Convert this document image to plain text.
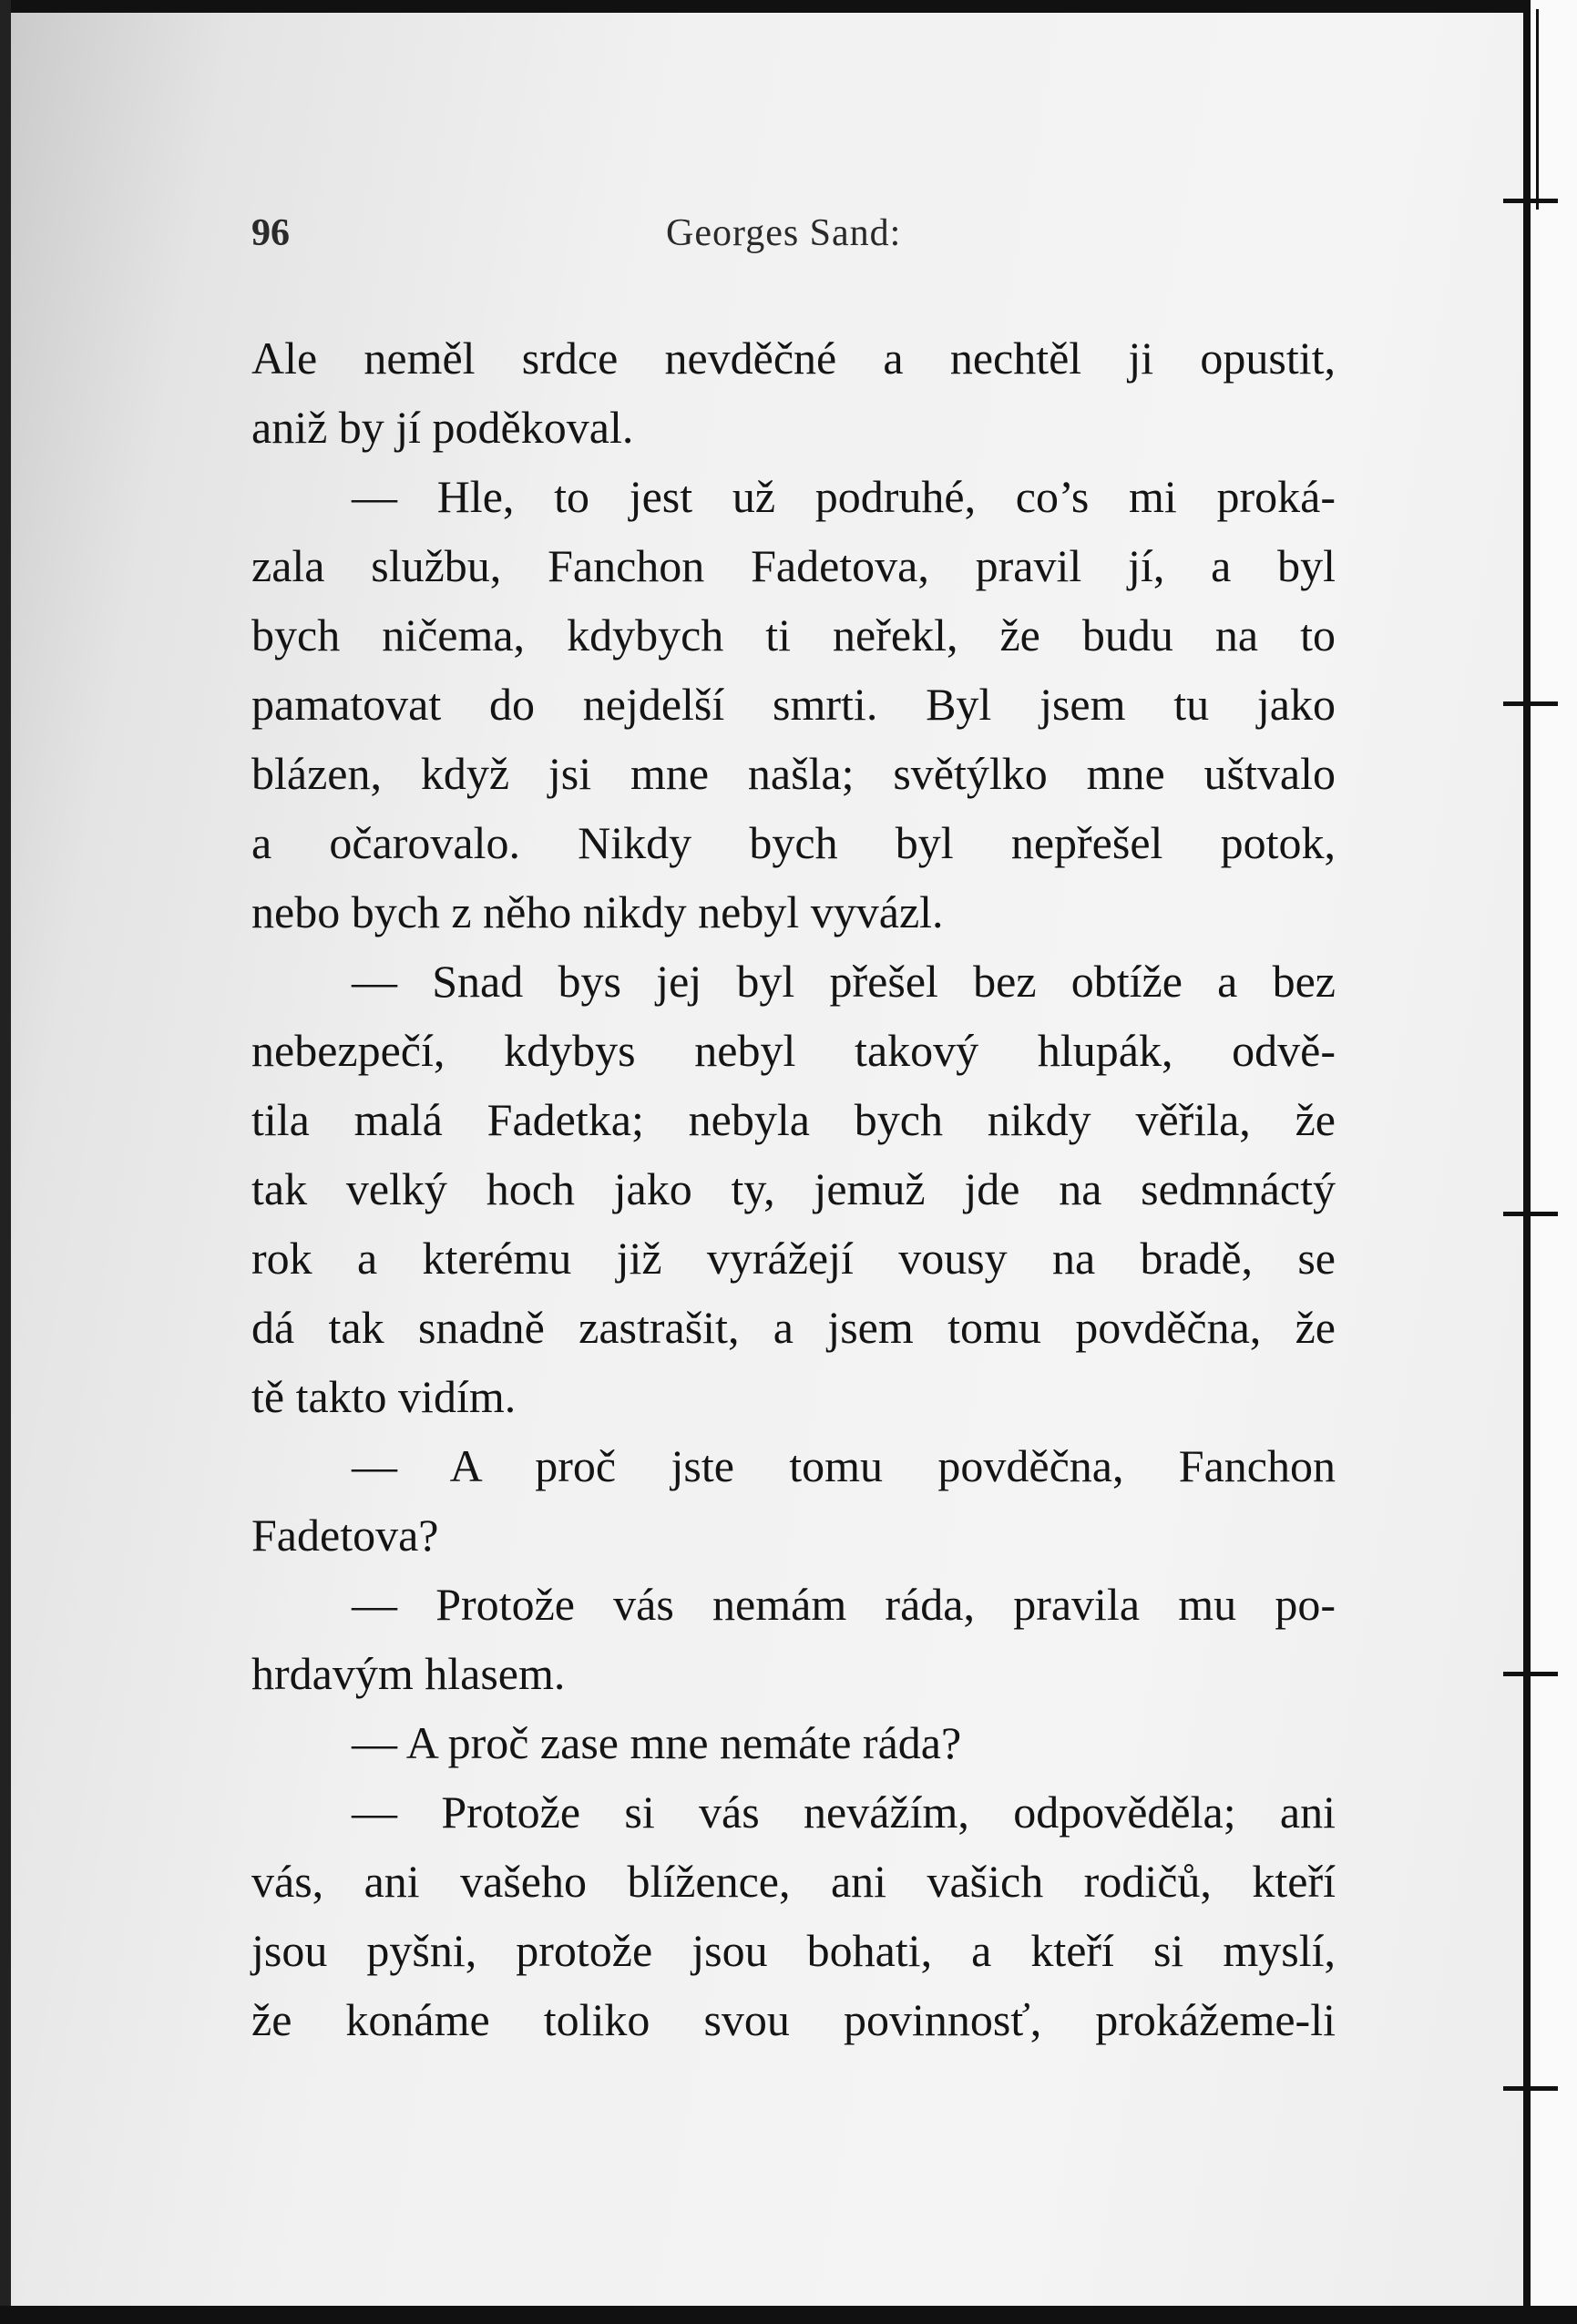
96	Georges Sand:
Ale neměl srdce nevděčné a nechtěl ji opustit,
aniž by jí poděkoval.
— Hle, to jest už podruhé, co’s mi proká-
zala službu, Fanchon Fadetova, pravil jí, a byl
bych ničema, kdybych ti neřekl, že budu na to
pamatovat do nejdelší smrti. Byl jsem tu jako
blázen, když jsi mne našla; světýlko mne uštvalo
a očarovalo. Nikdy bych byl nepřešel potok,
nebo bych z něho nikdy nebyl vyvázl.
— Snad bys jej byl přešel bez obtíže a bez
nebezpečí, kdybys nebyl takový hlupák, odvě-
tila malá Fadetka; nebyla bych nikdy věřila, že
tak velký hoch jako ty, jemuž jde na sedmnáctý
rok a kterému již vyrážejí vousy na bradě, se
dá tak snadně zastrašit, a jsem tomu povděčna, že
tě takto vidím.
— A proč jste tomu povděčna, Fanchon
Fadetova?
— Protože vás nemám ráda, pravila mu po-
hrdavým hlasem.
— A proč zase mne nemáte ráda?
— Protože si vás nevážím, odpověděla; ani
vás, ani vašeho blížence, ani vašich rodičů, kteří
jsou pyšni, protože jsou bohati, a kteří si myslí,
že konáme toliko svou povinnosť, prokážeme-li
